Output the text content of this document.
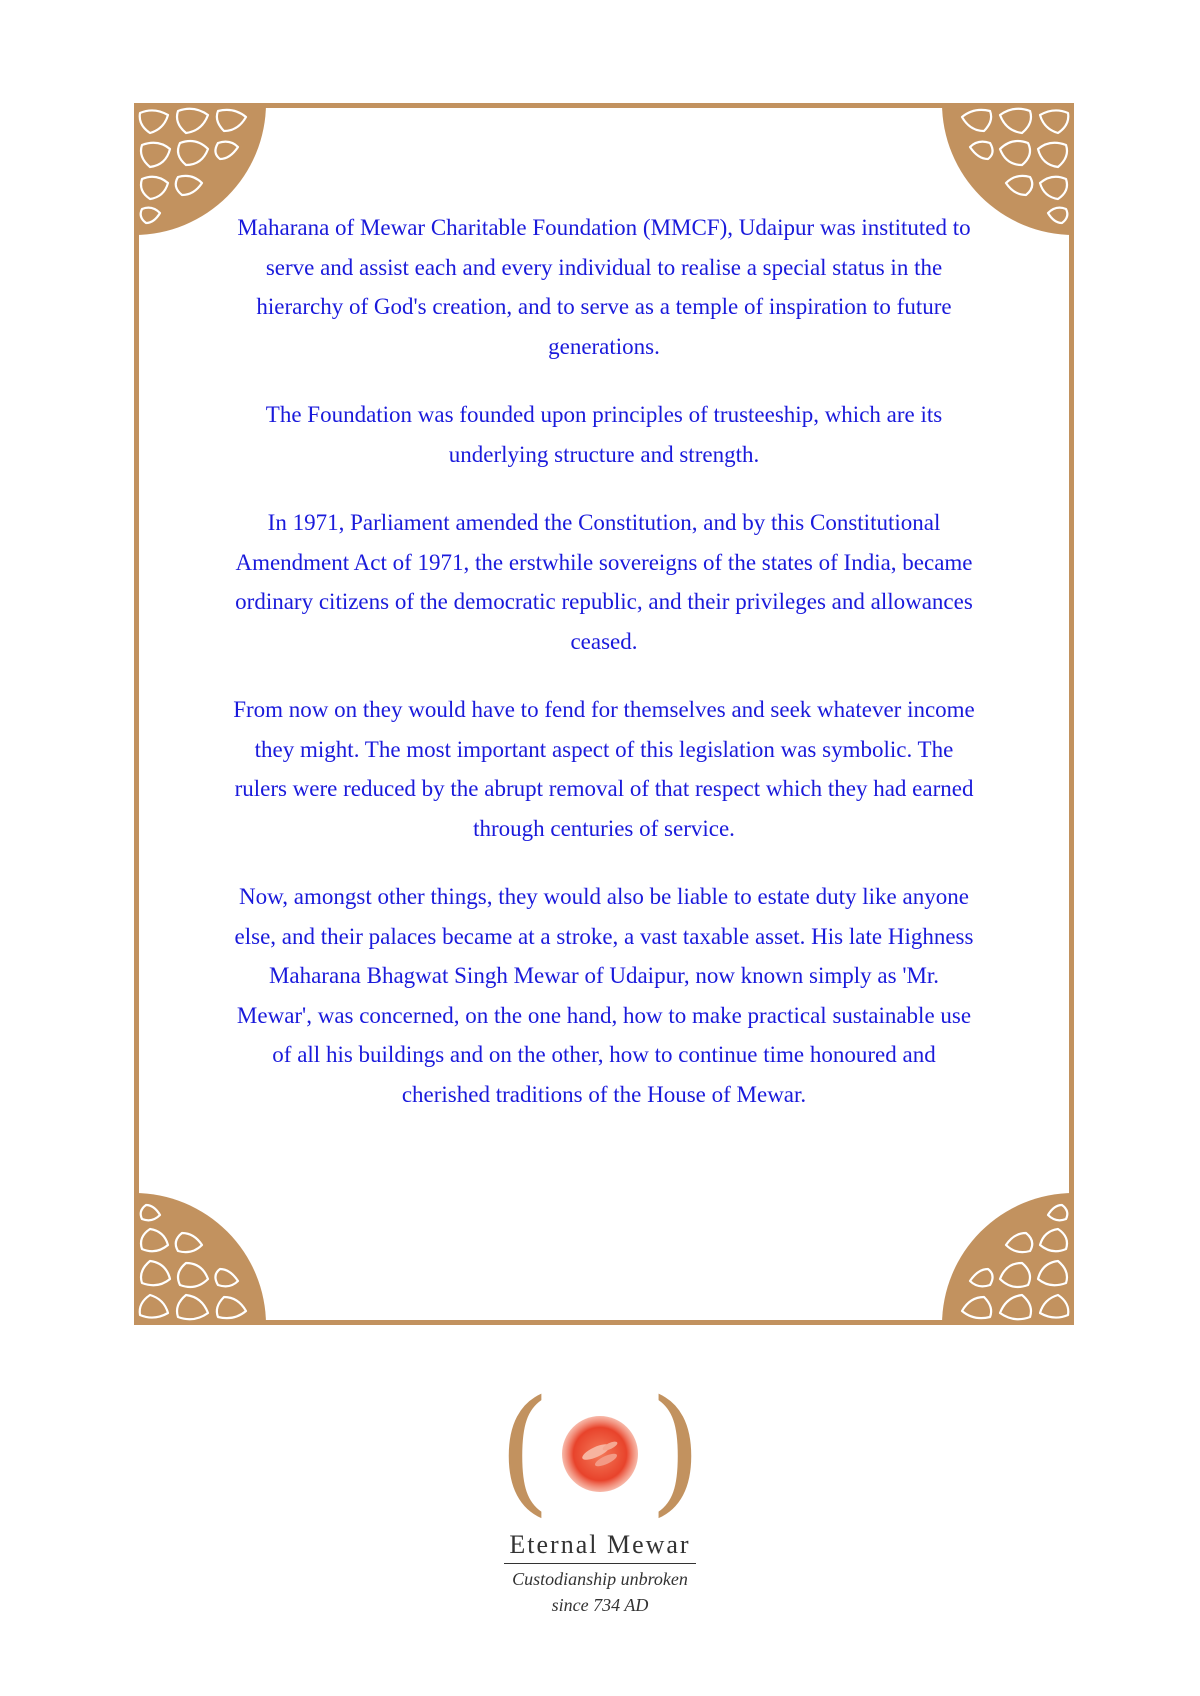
Maharana of Mewar Charitable Foundation (MMCF), Udaipur was instituted to serve and assist each and every individual to realise a special status in the hierarchy of God's creation, and to serve as a temple of inspiration to future generations.

The Foundation was founded upon principles of trusteeship, which are its underlying structure and strength.

In 1971, Parliament amended the Constitution, and by this Constitutional Amendment Act of 1971, the erstwhile sovereigns of the states of India, became ordinary citizens of the democratic republic, and their privileges and allowances ceased.

From now on they would have to fend for themselves and seek whatever income they might. The most important aspect of this legislation was symbolic. The rulers were reduced by the abrupt removal of that respect which they had earned through centuries of service.

Now, amongst other things, they would also be liable to estate duty like anyone else, and their palaces became at a stroke, a vast taxable asset. His late Highness Maharana Bhagwat Singh Mewar of Udaipur, now known simply as 'Mr. Mewar', was concerned, on the one hand, how to make practical sustainable use of all his buildings and on the other, how to continue time honoured and cherished traditions of the House of Mewar.

( )
Eternal Mewar
Custodianship unbroken
since 734 AD
